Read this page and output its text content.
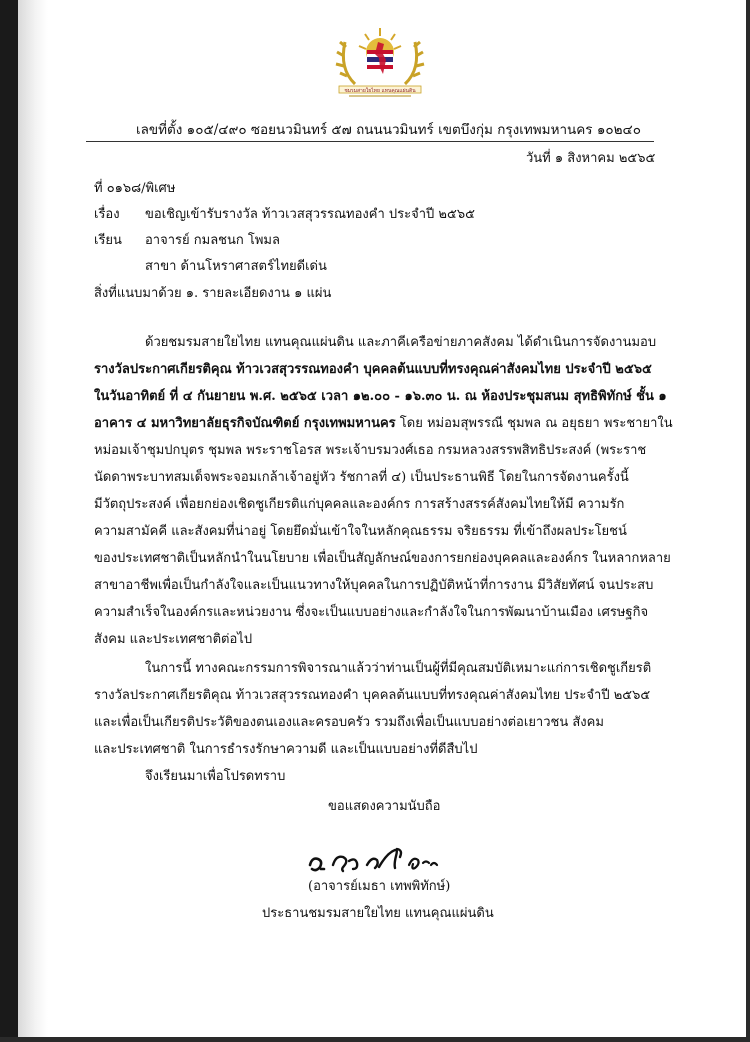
ชมรมสายใยไทย แทนคุณแผ่นดิน
เลขที่ตั้ง ๑๐๕/๔๙๐ ซอยนวมินทร์ ๕๗ ถนนนวมินทร์ เขตบึงกุ่ม กรุงเทพมหานคร ๑๐๒๔๐
วันที่ ๑ สิงหาคม ๒๕๖๕
ที่ ๐๑๖๘/พิเศษ
เรื่อง ขอเชิญเข้ารับรางวัล ท้าวเวสสุวรรณทองคำ ประจำปี ๒๕๖๕
เรียน อาจารย์ กมลชนก โพมล
สาขา ด้านโหราศาสตร์ไทยดีเด่น
สิ่งที่แนบมาด้วย ๑. รายละเอียดงาน ๑ แผ่น
ด้วยชมรมสายใยไทย แทนคุณแผ่นดิน และภาคีเครือข่ายภาคสังคม ได้ดำเนินการจัดงานมอบ
รางวัลประกาศเกียรติคุณ ท้าวเวสสุวรรณทองคำ บุคคลต้นแบบที่ทรงคุณค่าสังคมไทย ประจำปี ๒๕๖๕
ในวันอาทิตย์ ที่ ๔ กันยายน พ.ศ. ๒๕๖๕ เวลา ๑๒.๐๐ - ๑๖.๓๐ น. ณ ห้องประชุมสนม สุทธิพิทักษ์ ชั้น ๑
อาคาร ๔ มหาวิทยาลัยธุรกิจบัณฑิตย์ กรุงเทพมหานคร โดย หม่อมสุพรรณี ชุมพล ณ อยุธยา พระชายาใน
หม่อมเจ้าชุมปกบุตร ชุมพล พระราชโอรส พระเจ้าบรมวงศ์เธอ กรมหลวงสรรพสิทธิประสงค์ (พระราช
นัดดาพระบาทสมเด็จพระจอมเกล้าเจ้าอยู่หัว รัชกาลที่ ๔) เป็นประธานพิธี โดยในการจัดงานครั้งนี้
มีวัตถุประสงค์ เพื่อยกย่องเชิดชูเกียรติแก่บุคคลและองค์กร การสร้างสรรค์สังคมไทยให้มี ความรัก
ความสามัคคี และสังคมที่น่าอยู่ โดยยึดมั่นเข้าใจในหลักคุณธรรม จริยธรรม ที่เข้าถึงผลประโยชน์
ของประเทศชาติเป็นหลักนำในนโยบาย เพื่อเป็นสัญลักษณ์ของการยกย่องบุคคลและองค์กร ในหลากหลาย
สาขาอาชีพเพื่อเป็นกำลังใจและเป็นแนวทางให้บุคคลในการปฏิบัติหน้าที่การงาน มีวิสัยทัศน์ จนประสบ
ความสำเร็จในองค์กรและหน่วยงาน ซึ่งจะเป็นแบบอย่างและกำลังใจในการพัฒนาบ้านเมือง เศรษฐกิจ
สังคม และประเทศชาติต่อไป
ในการนี้ ทางคณะกรรมการพิจารณาแล้วว่าท่านเป็นผู้ที่มีคุณสมบัติเหมาะแก่การเชิดชูเกียรติ
รางวัลประกาศเกียรติคุณ ท้าวเวสสุวรรณทองคำ บุคคลต้นแบบที่ทรงคุณค่าสังคมไทย ประจำปี ๒๕๖๕
และเพื่อเป็นเกียรติประวัติของตนเองและครอบครัว รวมถึงเพื่อเป็นแบบอย่างต่อเยาวชน สังคม
และประเทศชาติ ในการธำรงรักษาความดี และเป็นแบบอย่างที่ดีสืบไป
จึงเรียนมาเพื่อโปรดทราบ
ขอแสดงความนับถือ
(อาจารย์เมธา เทพพิทักษ์)
ประธานชมรมสายใยไทย แทนคุณแผ่นดิน
